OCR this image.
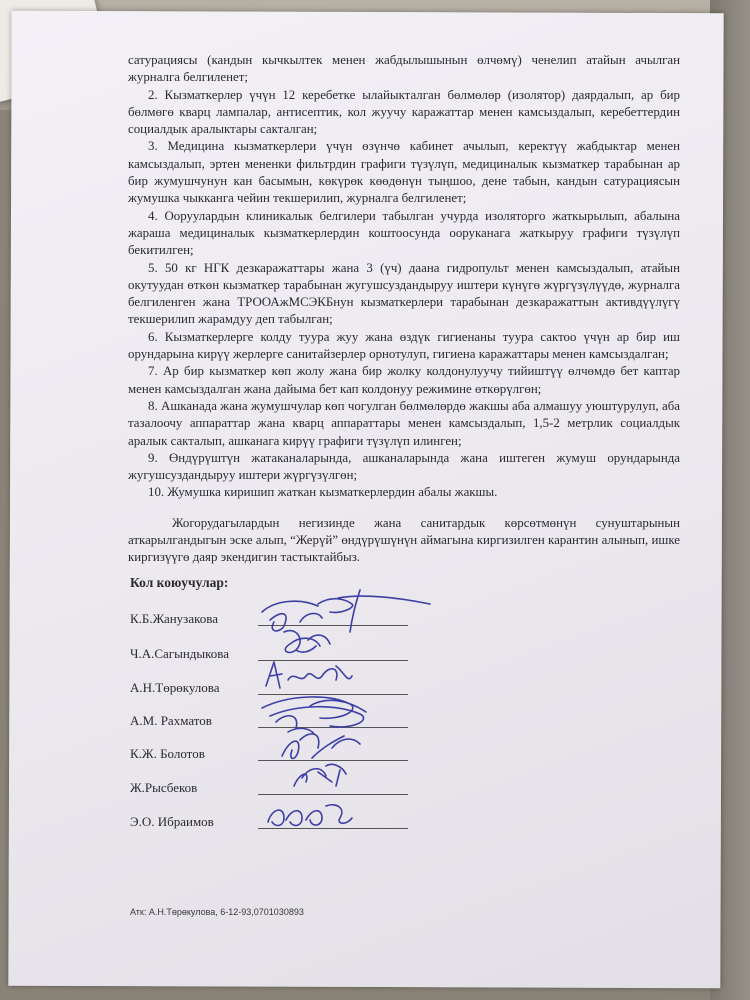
сатурациясы (кандын кычкылтек менен жабдылышынын өлчөмү) ченелип атайын ачылган журналга белгиленет;

2. Кызматкерлер үчүн 12 керебетке ылайыкталган бөлмөлөр (изолятор) даярдалып, ар бир бөлмөгө кварц лампалар, антисептик, кол жуучу каражаттар менен камсыздалып, керебеттердин социалдык аралыктары сакталган;

3. Медицина кызматкерлери үчүн өзүнчө кабинет ачылып, керектүү жабдыктар менен камсыздалып, эртен мененки фильтрдин графиги түзүлүп, медициналык кызматкер тарабынан ар бир жумушчунун кан басымын, көкүрөк көөдөнүн тыңшоо, дене табын, кандын сатурациясын жумушка чыкканга чейин текшерилип, журналга белгиленет;

4. Ооруулардын клиникалык белгилери табылган учурда изоляторго жаткырылып, абалына жараша медициналык кызматкерлердин коштоосунда ооруканага жаткыруу графиги түзүлүп бекитилген;

5. 50 кг НГК дезкаражаттары жана 3 (үч) даана гидропульт менен камсыздалып, атайын окутуудан өткөн кызматкер тарабынан жугушсуздандыруу иштери күнүгө жүргүзүлүүдө, журналга белгиленген жана ТРООАжМСЭКБнун кызматкерлери тарабынан дезкаражаттын активдүүлүгү текшерилип жарамдуу деп табылган;

6. Кызматкерлерге колду туура жуу жана өздүк гигиенаны туура сактоо үчүн ар бир иш орундарына кирүү жерлерге санитайзерлер орнотулуп, гигиена каражаттары менен камсыздалган;

7. Ар бир кызматкер көп жолу жана бир жолку колдонулуучу тийиштүү өлчөмдө бет каптар менен камсыздалган жана дайыма бет кап колдонуу режимине өткөрүлгөн;

8. Ашканада жана жумушчулар көп чогулган бөлмөлөрдө жакшы аба алмашуу уюштурулуп, аба тазалоочу аппараттар жана кварц аппараттары менен камсыздалып, 1,5-2 метрлик социалдык аралык сакталып, ашканага кирүү графиги түзүлүп илинген;

9. Өндүрүштүн жатаканаларында, ашканаларында жана иштеген жумуш орундарында жугушсуздандыруу иштери жүргүзүлгөн;

10. Жумушка киришип жаткан кызматкерлердин абалы жакшы.

Жогорудагылардын негизинде жана санитардык көрсөтмөнүн сунуштарынын аткарылгандыгын эске алып, “Жерүй” өндүрүшүнүн аймагына киргизилген карантин алынып, ишке киргизүүгө даяр экендигин тастыктайбыз.

Кол коюучулар:
К.Б.Жанузакова
Ч.А.Сагындыкова
А.Н.Төрөкулова
А.М. Рахматов
К.Ж. Болотов
Ж.Рысбеков
Э.О. Ибраимов
Атк: А.Н.Төрөкулова, 6-12-93,0701030893
